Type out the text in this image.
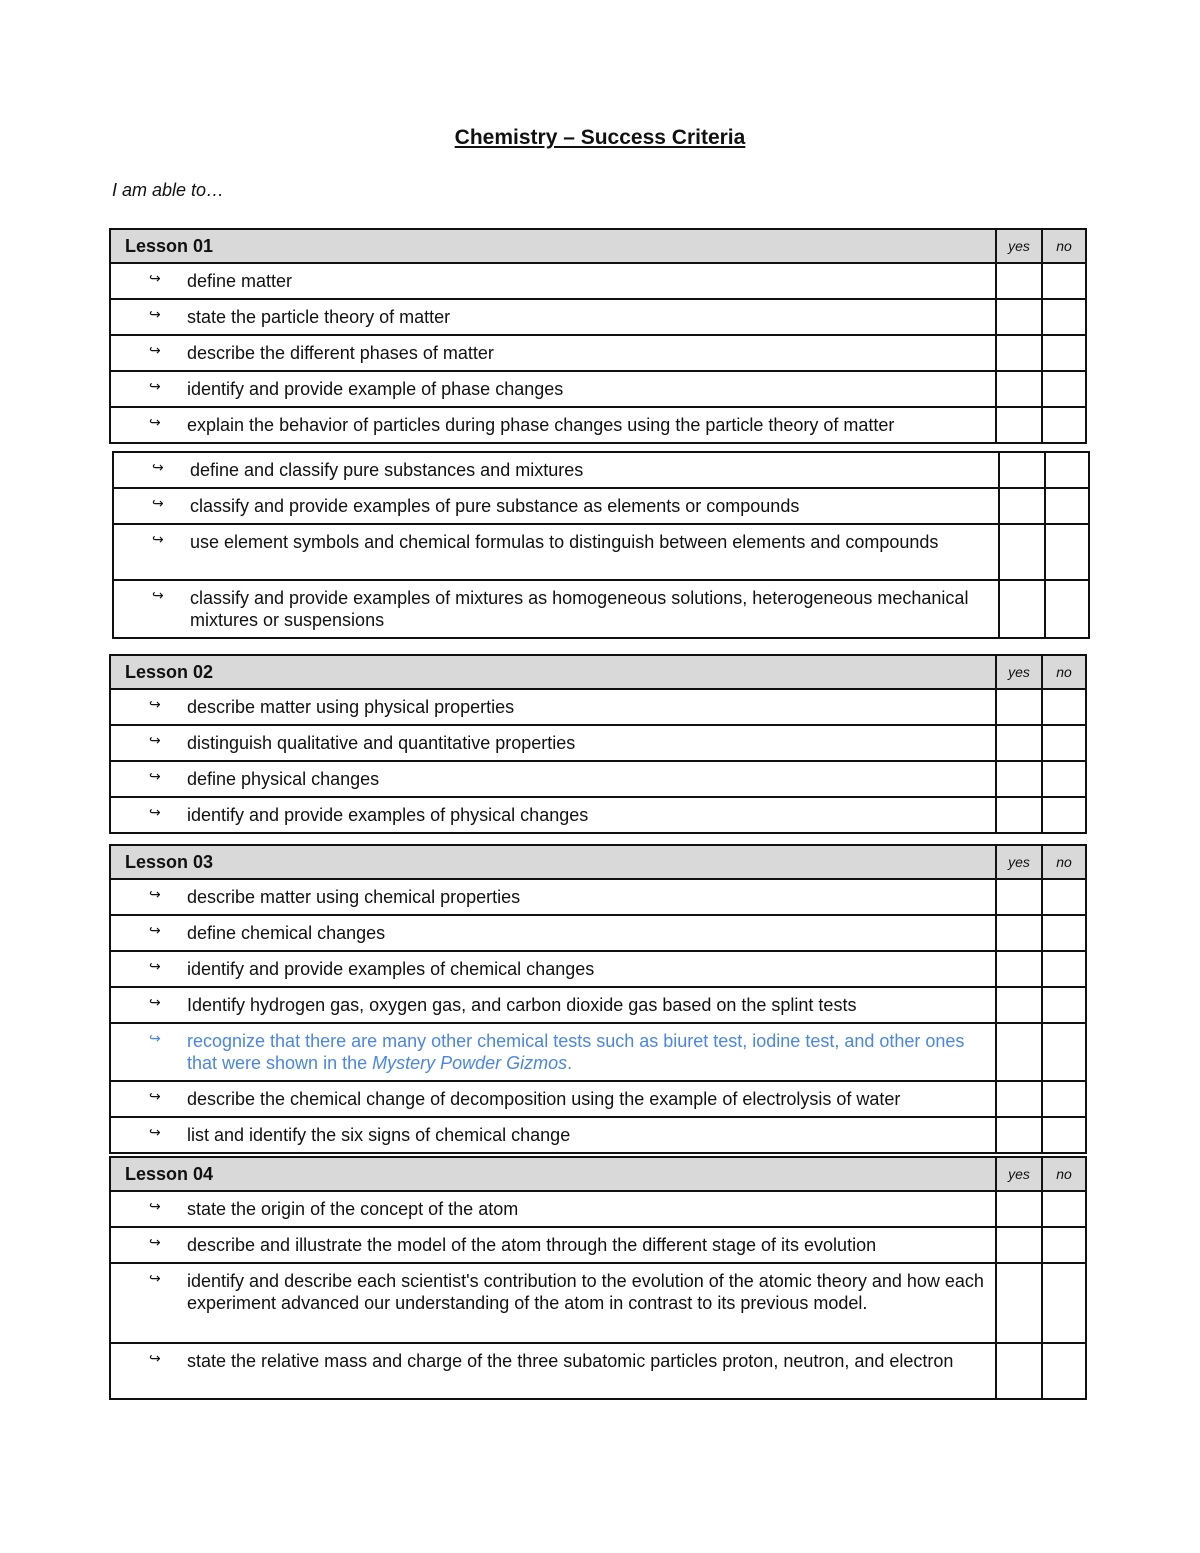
Chemistry – Success Criteria

I am able to…

Lesson 01	yes	no

↪ define matter		

↪ state the particle theory of matter		

↪ describe the different phases of matter		

↪ identify and provide example of phase changes		

↪ explain the behavior of particles during phase changes using the particle theory of matter		
↪ define and classify pure substances and mixtures		

↪ classify and provide examples of pure substance as elements or compounds		

↪ use element symbols and chemical formulas to distinguish between elements and compounds		

↪ classify and provide examples of mixtures as homogeneous solutions, heterogeneous mechanical mixtures or suspensions		
Lesson 02	yes	no

↪ describe matter using physical properties		

↪ distinguish qualitative and quantitative properties		

↪ define physical changes		

↪ identify and provide examples of physical changes		
Lesson 03	yes	no

↪ describe matter using chemical properties		

↪ define chemical changes		

↪ identify and provide examples of chemical changes		

↪ Identify hydrogen gas, oxygen gas, and carbon dioxide gas based on the splint tests		

↪ recognize that there are many other chemical tests such as biuret test, iodine test, and other ones that were shown in the Mystery Powder Gizmos.		

↪ describe the chemical change of decomposition using the example of electrolysis of water		

↪ list and identify the six signs of chemical change		
Lesson 04	yes	no

↪ state the origin of the concept of the atom		

↪ describe and illustrate the model of the atom through the different stage of its evolution		

↪ identify and describe each scientist's contribution to the evolution of the atomic theory and how each experiment advanced our understanding of the atom in contrast to its previous model.		

↪ state the relative mass and charge of the three subatomic particles proton, neutron, and electron		
